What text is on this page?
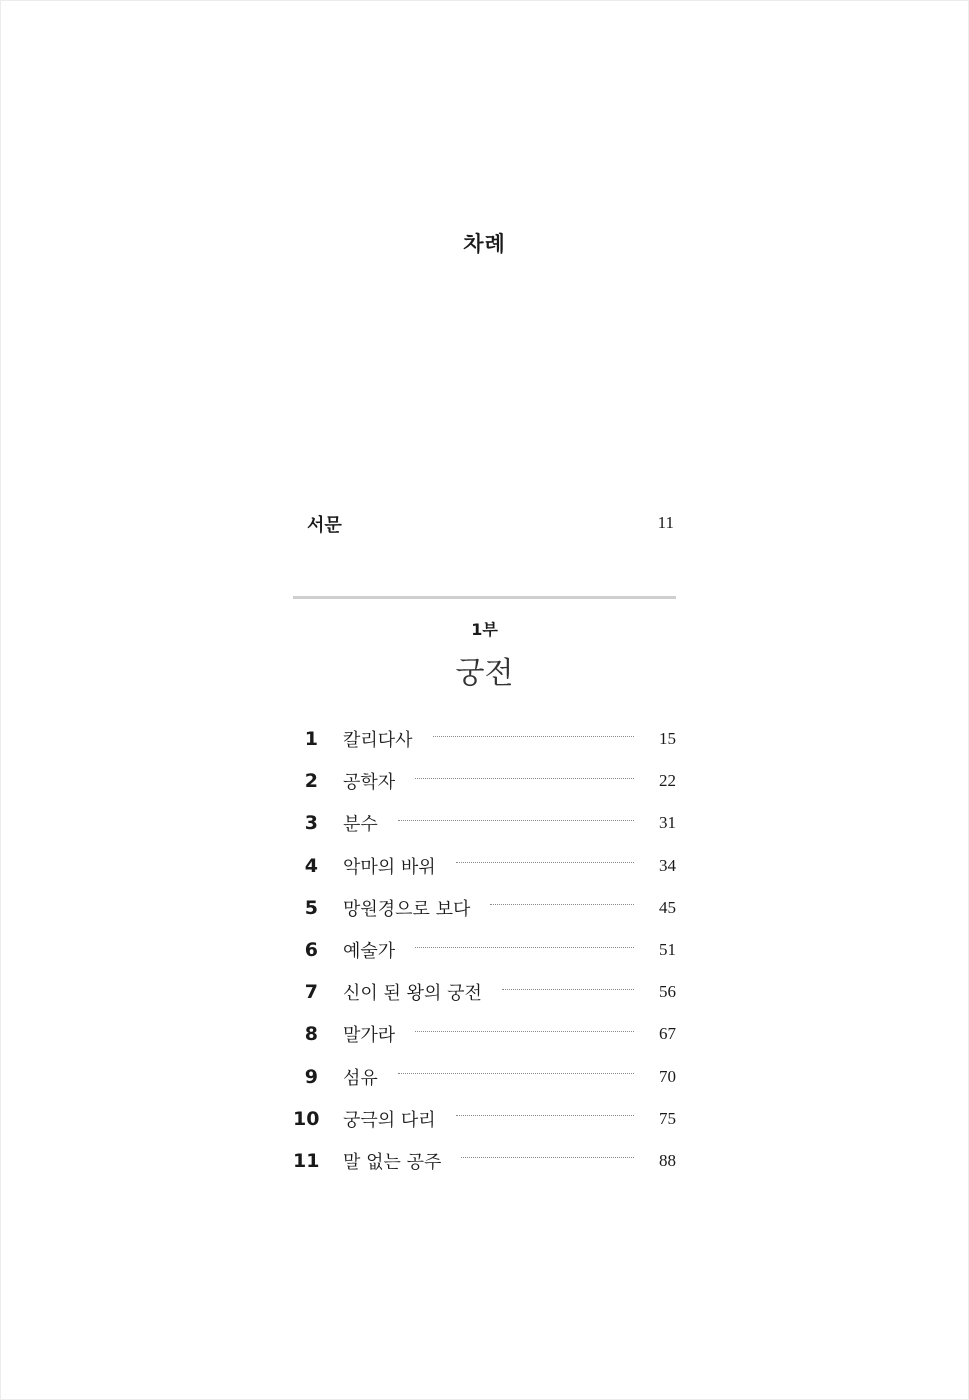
차례
서문	11
1부
궁전
1 칼리다사	15
2 공학자	22
3 분수	31
4 악마의 바위	34
5 망원경으로 보다	45
6 예술가	51
7 신이 된 왕의 궁전	56
8 말가라	67
9 섬유	70
10 궁극의 다리	75
11 말 없는 공주	88
